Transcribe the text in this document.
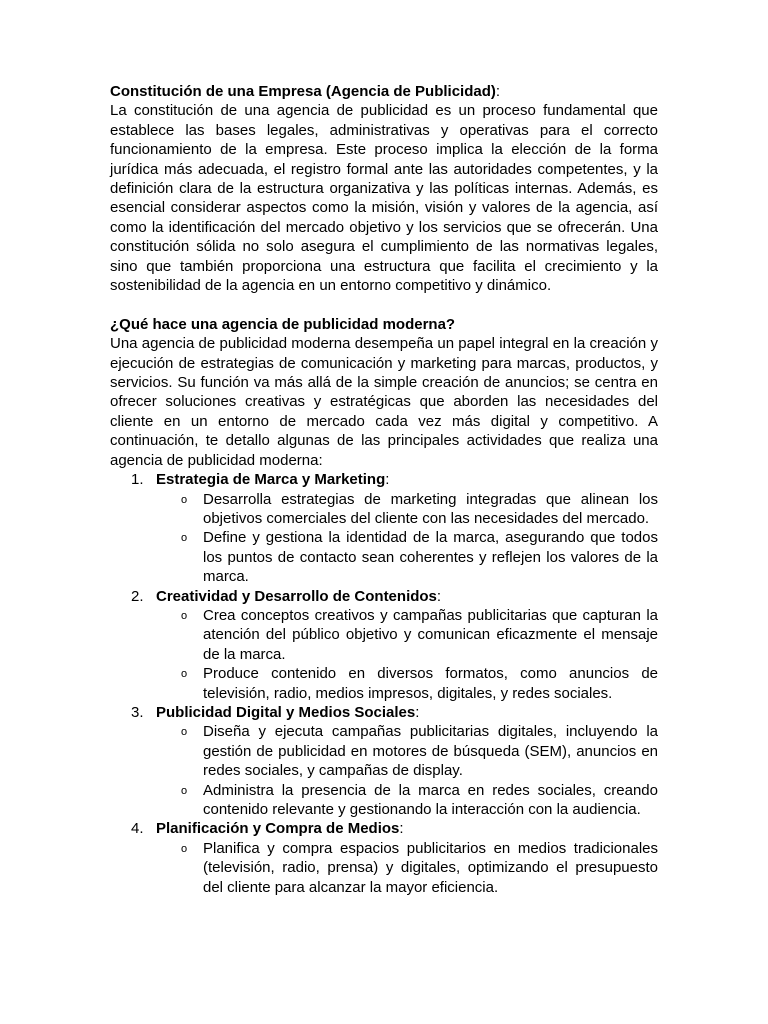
Constitución de una Empresa (Agencia de Publicidad):

La constitución de una agencia de publicidad es un proceso fundamental que establece las bases legales, administrativas y operativas para el correcto funcionamiento de la empresa. Este proceso implica la elección de la forma jurídica más adecuada, el registro formal ante las autoridades competentes, y la definición clara de la estructura organizativa y las políticas internas. Además, es esencial considerar aspectos como la misión, visión y valores de la agencia, así como la identificación del mercado objetivo y los servicios que se ofrecerán. Una constitución sólida no solo asegura el cumplimiento de las normativas legales, sino que también proporciona una estructura que facilita el crecimiento y la sostenibilidad de la agencia en un entorno competitivo y dinámico.

¿Qué hace una agencia de publicidad moderna?

Una agencia de publicidad moderna desempeña un papel integral en la creación y ejecución de estrategias de comunicación y marketing para marcas, productos, y servicios. Su función va más allá de la simple creación de anuncios; se centra en ofrecer soluciones creativas y estratégicas que aborden las necesidades del cliente en un entorno de mercado cada vez más digital y competitivo. A continuación, te detallo algunas de las principales actividades que realiza una agencia de publicidad moderna:

1. Estrategia de Marca y Marketing:
o Desarrolla estrategias de marketing integradas que alinean los objetivos comerciales del cliente con las necesidades del mercado.
o Define y gestiona la identidad de la marca, asegurando que todos los puntos de contacto sean coherentes y reflejen los valores de la marca.
2. Creatividad y Desarrollo de Contenidos:
o Crea conceptos creativos y campañas publicitarias que capturan la atención del público objetivo y comunican eficazmente el mensaje de la marca.
o Produce contenido en diversos formatos, como anuncios de televisión, radio, medios impresos, digitales, y redes sociales.
3. Publicidad Digital y Medios Sociales:
o Diseña y ejecuta campañas publicitarias digitales, incluyendo la gestión de publicidad en motores de búsqueda (SEM), anuncios en redes sociales, y campañas de display.
o Administra la presencia de la marca en redes sociales, creando contenido relevante y gestionando la interacción con la audiencia.
4. Planificación y Compra de Medios:
o Planifica y compra espacios publicitarios en medios tradicionales (televisión, radio, prensa) y digitales, optimizando el presupuesto del cliente para alcanzar la mayor eficiencia.
